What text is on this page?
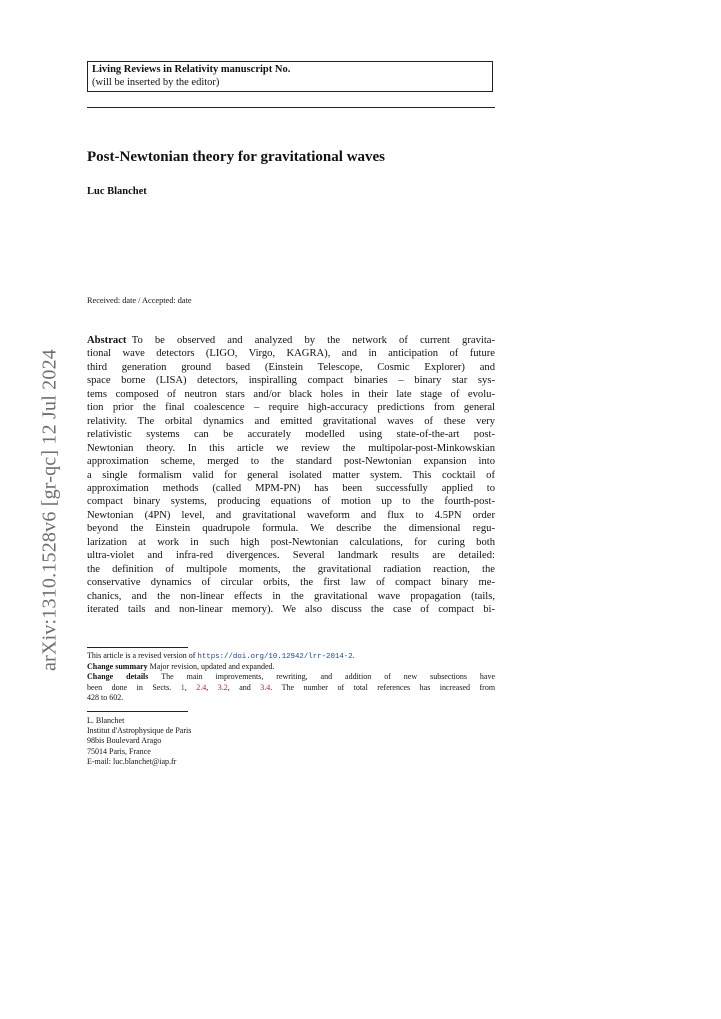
Living Reviews in Relativity manuscript No.
(will be inserted by the editor)
Post-Newtonian theory for gravitational waves
Luc Blanchet
Received: date / Accepted: date
Abstract  To be observed and analyzed by the network of current gravita-
tional wave detectors (LIGO, Virgo, KAGRA), and in anticipation of future
third generation ground based (Einstein Telescope, Cosmic Explorer) and
space borne (LISA) detectors, inspiralling compact binaries – binary star sys-
tems composed of neutron stars and/or black holes in their late stage of evolu-
tion prior the final coalescence – require high-accuracy predictions from general
relativity. The orbital dynamics and emitted gravitational waves of these very
relativistic systems can be accurately modelled using state-of-the-art post-
Newtonian theory. In this article we review the multipolar-post-Minkowskian
approximation scheme, merged to the standard post-Newtonian expansion into
a single formalism valid for general isolated matter system. This cocktail of
approximation methods (called MPM-PN) has been successfully applied to
compact binary systems, producing equations of motion up to the fourth-post-
Newtonian (4PN) level, and gravitational waveform and flux to 4.5PN order
beyond the Einstein quadrupole formula. We describe the dimensional regu-
larization at work in such high post-Newtonian calculations, for curing both
ultra-violet and infra-red divergences. Several landmark results are detailed:
the definition of multipole moments, the gravitational radiation reaction, the
conservative dynamics of circular orbits, the first law of compact binary me-
chanics, and the non-linear effects in the gravitational wave propagation (tails,
iterated tails and non-linear memory). We also discuss the case of compact bi-
This article is a revised version of https://doi.org/10.12942/lrr-2014-2.
Change summary Major revision, updated and expanded.
Change details The main improvements, rewriting, and addition of new subsections have
been done in Sects. 1, 2.4, 3.2, and 3.4. The number of total references has increased from
428 to 602.
L. Blanchet
Institut d'Astrophysique de Paris
98bis Boulevard Arago
75014 Paris, France
E-mail: luc.blanchet@iap.fr
arXiv:1310.1528v6 [gr-qc] 12 Jul 2024
